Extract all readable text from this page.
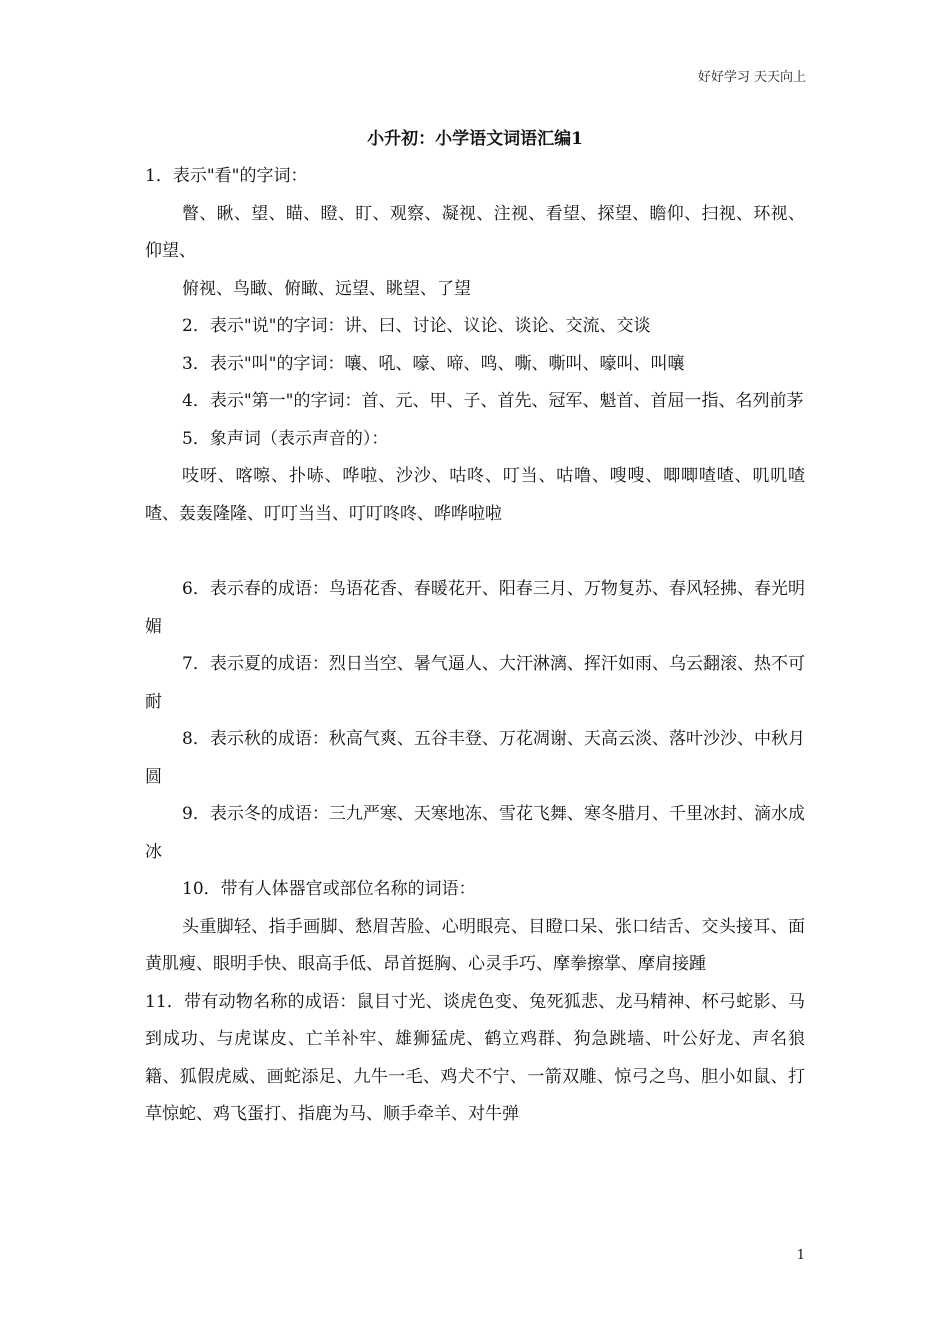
好好学习 天天向上
小升初：小学语文词语汇编1

1．表示"看"的字词：

瞥、瞅、望、瞄、瞪、盯、观察、凝视、注视、看望、探望、瞻仰、扫视、环视、仰望、

俯视、鸟瞰、俯瞰、远望、眺望、了望

2．表示"说"的字词：讲、曰、讨论、议论、谈论、交流、交谈

3．表示"叫"的字词：嚷、吼、嚎、啼、鸣、嘶、嘶叫、嚎叫、叫嚷

4．表示"第一"的字词：首、元、甲、子、首先、冠军、魁首、首屈一指、名列前茅

5．象声词（表示声音的）：

吱呀、喀嚓、扑哧、哗啦、沙沙、咕咚、叮当、咕噜、嗖嗖、唧唧喳喳、叽叽喳喳、轰轰隆隆、叮叮当当、叮叮咚咚、哗哗啦啦

6．表示春的成语：鸟语花香、春暖花开、阳春三月、万物复苏、春风轻拂、春光明媚

7．表示夏的成语：烈日当空、暑气逼人、大汗淋漓、挥汗如雨、乌云翻滚、热不可耐

8．表示秋的成语：秋高气爽、五谷丰登、万花凋谢、天高云淡、落叶沙沙、中秋月圆

9．表示冬的成语：三九严寒、天寒地冻、雪花飞舞、寒冬腊月、千里冰封、滴水成冰

10．带有人体器官或部位名称的词语：

头重脚轻、指手画脚、愁眉苦脸、心明眼亮、目瞪口呆、张口结舌、交头接耳、面黄肌瘦、眼明手快、眼高手低、昂首挺胸、心灵手巧、摩拳擦掌、摩肩接踵

11．带有动物名称的成语：鼠目寸光、谈虎色变、兔死狐悲、龙马精神、杯弓蛇影、马到成功、与虎谋皮、亡羊补牢、雄狮猛虎、鹤立鸡群、狗急跳墙、叶公好龙、声名狼籍、狐假虎威、画蛇添足、九牛一毛、鸡犬不宁、一箭双雕、惊弓之鸟、胆小如鼠、打草惊蛇、鸡飞蛋打、指鹿为马、顺手牵羊、对牛弹

1
